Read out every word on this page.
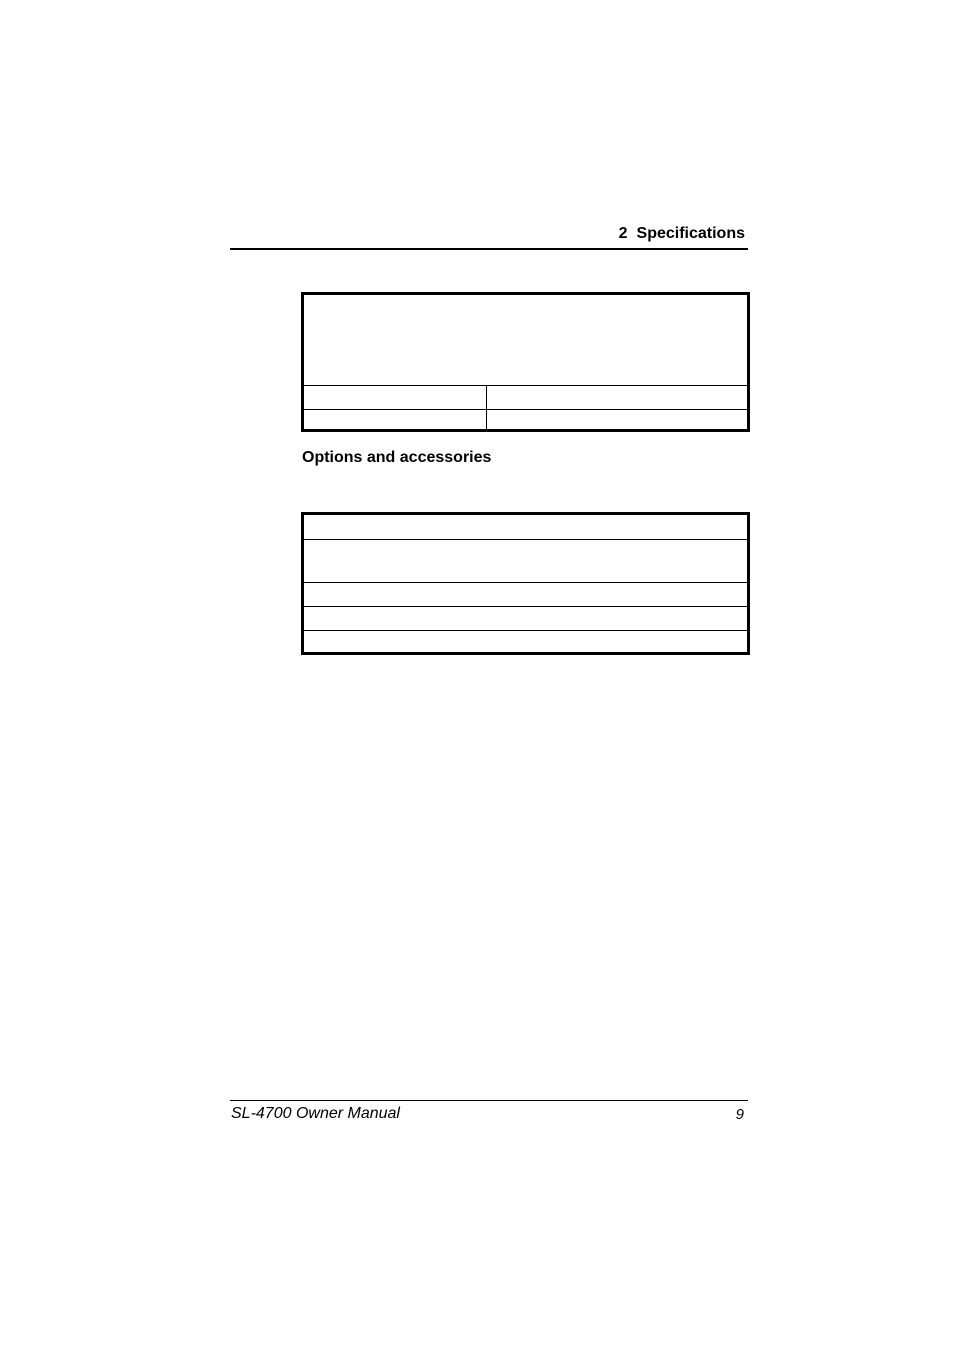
2 Specifications
Options and accessories
SL-4700 Owner Manual	9
